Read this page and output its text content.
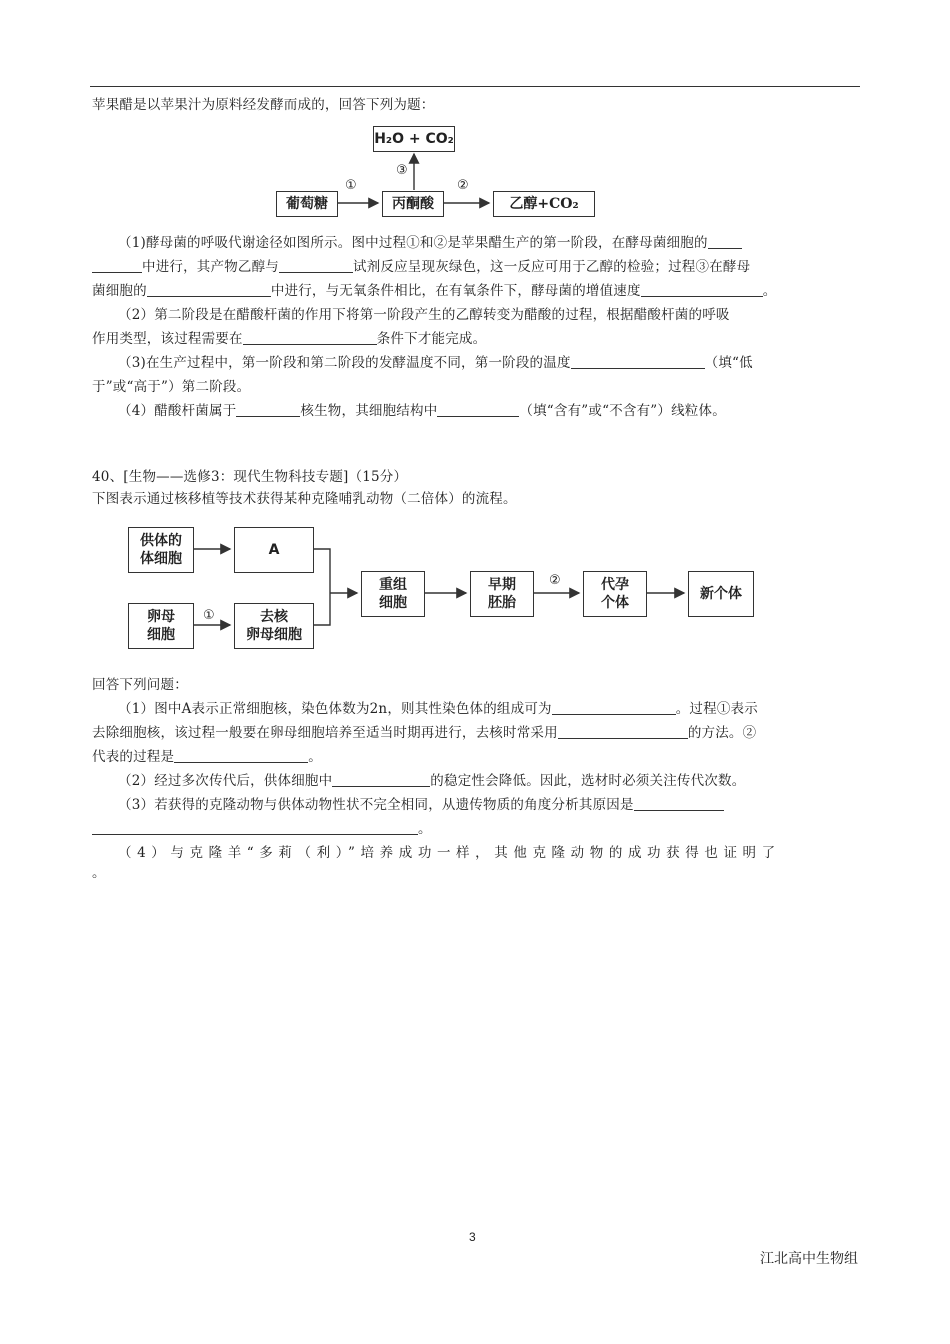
苹果醋是以苹果汁为原料经发酵而成的，回答下列为题：
H₂O + CO₂
葡萄糖	丙酮酸	乙醇+CO₂
①	②
③
（1)酵母菌的呼吸代谢途径如图所示。图中过程①和②是苹果醋生产的第一阶段，在酵母菌细胞的
中进行，其产物乙醇与	试剂反应呈现灰绿色，这一反应可用于乙醇的检验；过程③在酵母
菌细胞的	中进行，与无氧条件相比，在有氧条件下，酵母菌的增值速度	。
（2）第二阶段是在醋酸杆菌的作用下将第一阶段产生的乙醇转变为醋酸的过程，根据醋酸杆菌的呼吸
作用类型，该过程需要在	条件下才能完成。
（3)在生产过程中，第一阶段和第二阶段的发酵温度不同，第一阶段的温度	（填“低
于”或“高于”）第二阶段。
（4）醋酸杆菌属于	核生物，其细胞结构中	（填“含有”或“不含有”）线粒体。
40、[生物——选修3：现代生物科技专题]（15分）
下图表示通过核移植等技术获得某种克隆哺乳动物（二倍体）的流程。
供体的
体细胞
A
卵母
细胞
去核
卵母细胞
重组
细胞
早期
胚胎
代孕
个体
新个体
①
②
回答下列问题：
（1）图中A表示正常细胞核，染色体数为2n，则其性染色体的组成可为	。过程①表示
去除细胞核，该过程一般要在卵母细胞培养至适当时期再进行，去核时常采用	的方法。②
代表的过程是	。
（2）经过多次传代后，供体细胞中	的稳定性会降低。因此，选材时必须关注传代次数。
（3）若获得的克隆动物与供体动物性状不完全相同，从遗传物质的角度分析其原因是
。
（4）与克隆羊“多莉（利）”培养成功一样，其他克隆动物的成功获得也证明了
。
3
江北高中生物组
